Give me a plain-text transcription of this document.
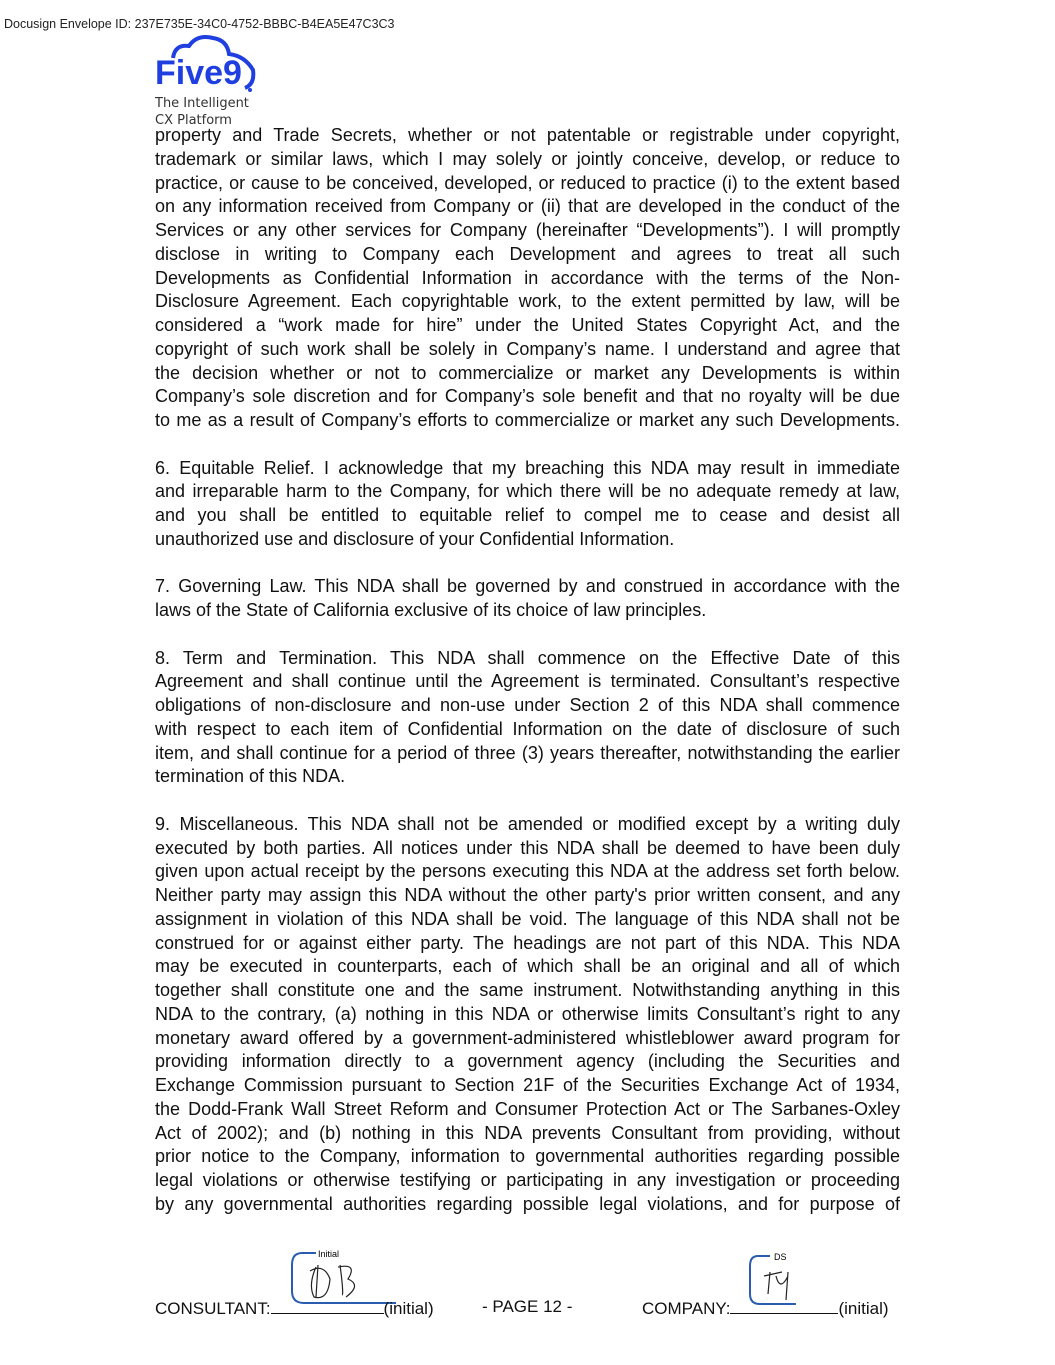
Docusign Envelope ID: 237E735E-34C0-4752-BBBC-B4EA5E47C3C3
Five9
The Intelligent
CX Platform
property and Trade Secrets, whether or not patentable or registrable under copyright,
trademark or similar laws, which I may solely or jointly conceive, develop, or reduce to
practice, or cause to be conceived, developed, or reduced to practice (i) to the extent based
on any information received from Company or (ii) that are developed in the conduct of the
Services or any other services for Company (hereinafter “Developments”). I will promptly
disclose in writing to Company each Development and agrees to treat all such
Developments as Confidential Information in accordance with the terms of the Non-
Disclosure Agreement. Each copyrightable work, to the extent permitted by law, will be
considered a “work made for hire” under the United States Copyright Act, and the
copyright of such work shall be solely in Company’s name. I understand and agree that
the decision whether or not to commercialize or market any Developments is within
Company’s sole discretion and for Company’s sole benefit and that no royalty will be due
to me as a result of Company’s efforts to commercialize or market any such Developments.
6. Equitable Relief. I acknowledge that my breaching this NDA may result in immediate
and irreparable harm to the Company, for which there will be no adequate remedy at law,
and you shall be entitled to equitable relief to compel me to cease and desist all
unauthorized use and disclosure of your Confidential Information.
7. Governing Law. This NDA shall be governed by and construed in accordance with the
laws of the State of California exclusive of its choice of law principles.
8. Term and Termination. This NDA shall commence on the Effective Date of this
Agreement and shall continue until the Agreement is terminated. Consultant’s respective
obligations of non-disclosure and non-use under Section 2 of this NDA shall commence
with respect to each item of Confidential Information on the date of disclosure of such
item, and shall continue for a period of three (3) years thereafter, notwithstanding the earlier
termination of this NDA.
9. Miscellaneous. This NDA shall not be amended or modified except by a writing duly
executed by both parties. All notices under this NDA shall be deemed to have been duly
given upon actual receipt by the persons executing this NDA at the address set forth below.
Neither party may assign this NDA without the other party's prior written consent, and any
assignment in violation of this NDA shall be void. The language of this NDA shall not be
construed for or against either party. The headings are not part of this NDA. This NDA
may be executed in counterparts, each of which shall be an original and all of which
together shall constitute one and the same instrument. Notwithstanding anything in this
NDA to the contrary, (a) nothing in this NDA or otherwise limits Consultant’s right to any
monetary award offered by a government-administered whistleblower award program for
providing information directly to a government agency (including the Securities and
Exchange Commission pursuant to Section 21F of the Securities Exchange Act of 1934,
the Dodd-Frank Wall Street Reform and Consumer Protection Act or The Sarbanes-Oxley
Act of 2002); and (b) nothing in this NDA prevents Consultant from providing, without
prior notice to the Company, information to governmental authorities regarding possible
legal violations or otherwise testifying or participating in any investigation or proceeding
by any governmental authorities regarding possible legal violations, and for purpose of
Initial	DS
CONSULTANT:	(initial)	- PAGE 12 -	COMPANY:	(initial)
